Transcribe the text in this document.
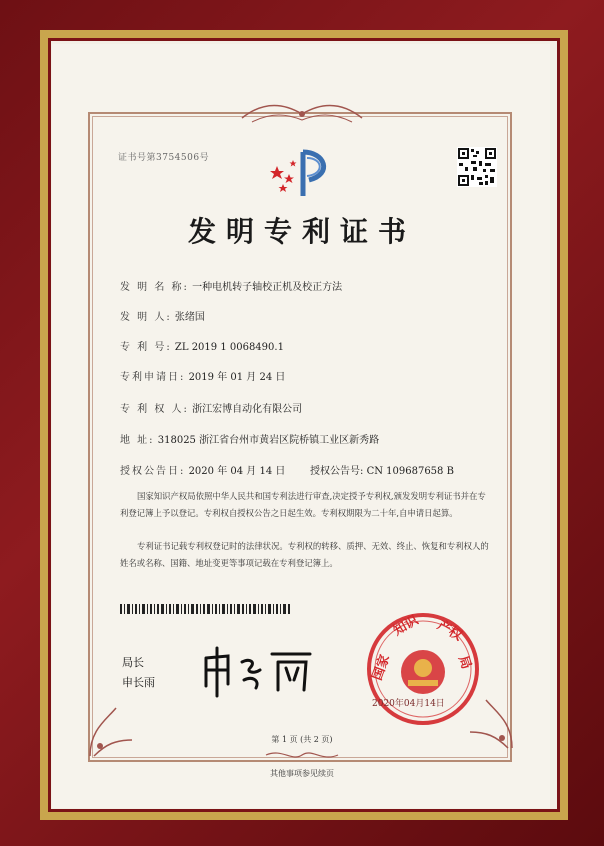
证书号第3754506号
发明专利证书
发 明 名 称: 一种电机转子轴校正机及校正方法
发 明 人: 张绪国
专 利 号: ZL 2019 1 0068490.1
专利申请日: 2019 年 01 月 24 日
专 利 权 人: 浙江宏博自动化有限公司
地 址: 318025 浙江省台州市黄岩区院桥镇工业区新秀路
授权公告日: 2020 年 04 月 14 日 授权公告号: CN 109687658 B
国家知识产权局依照中华人民共和国专利法进行审查,决定授予专利权,颁发发明专利证书并在专利登记簿上予以登记。专利权自授权公告之日起生效。专利权期限为二十年,自申请日起算。
专利证书记载专利权登记时的法律状况。专利权的转移、质押、无效、终止、恢复和专利权人的姓名或名称、国籍、地址变更等事项记载在专利登记簿上。
局长
申长雨
国家
知识 产权
局
2020年04月14日
第 1 页 (共 2 页)
其他事项参见续页
